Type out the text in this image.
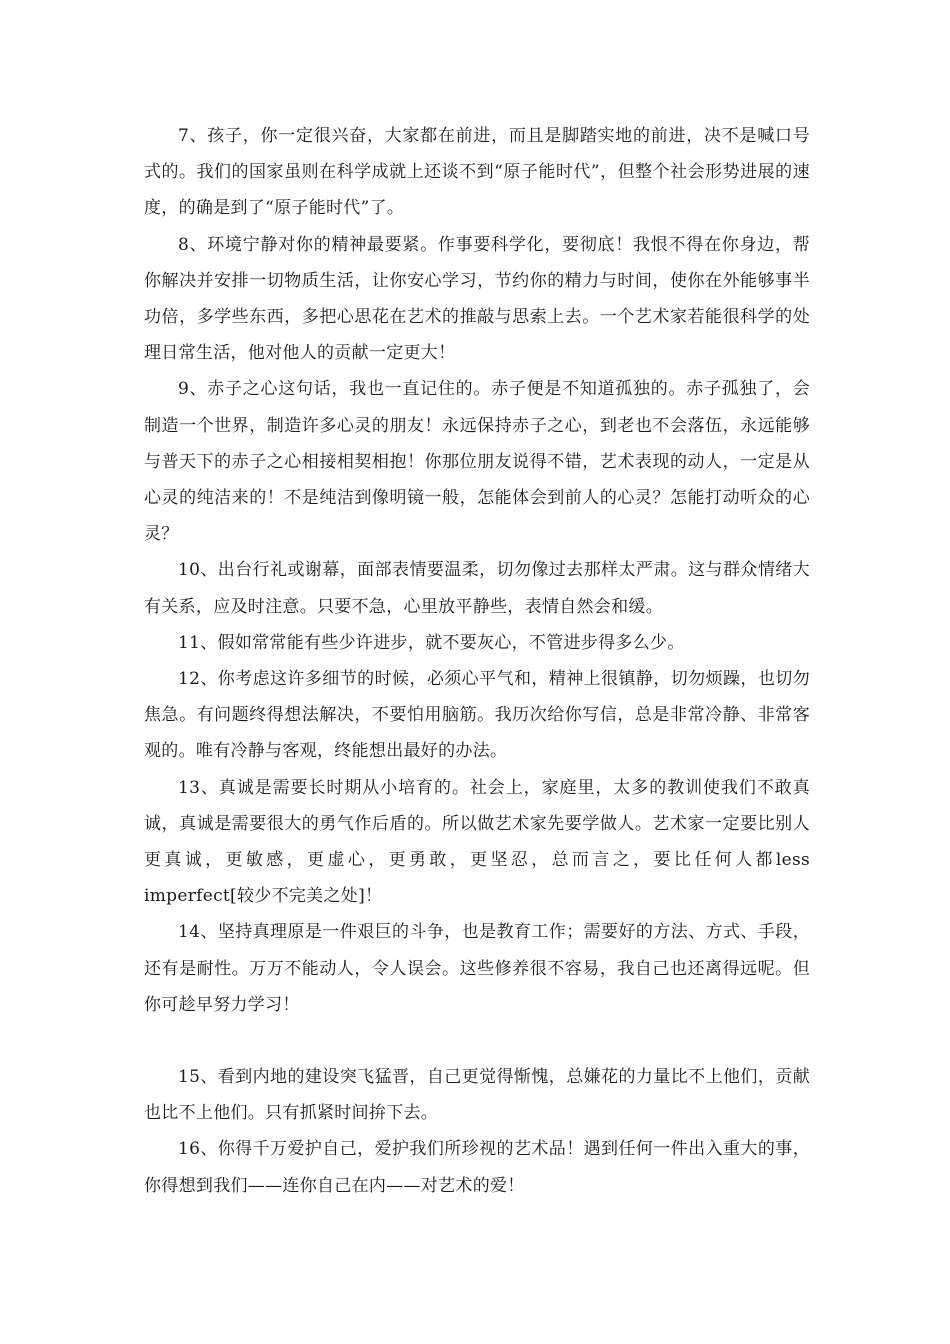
7、孩子，你一定很兴奋，大家都在前进，而且是脚踏实地的前进，决不是喊口号式的。我们的国家虽则在科学成就上还谈不到“原子能时代”，但整个社会形势进展的速度，的确是到了“原子能时代”了。

8、环境宁静对你的精神最要紧。作事要科学化，要彻底！我恨不得在你身边，帮你解决并安排一切物质生活，让你安心学习，节约你的精力与时间，使你在外能够事半功倍，多学些东西，多把心思花在艺术的推敲与思索上去。一个艺术家若能很科学的处理日常生活，他对他人的贡献一定更大！

9、赤子之心这句话，我也一直记住的。赤子便是不知道孤独的。赤子孤独了，会制造一个世界，制造许多心灵的朋友！永远保持赤子之心，到老也不会落伍，永远能够与普天下的赤子之心相接相契相抱！你那位朋友说得不错，艺术表现的动人，一定是从心灵的纯洁来的！不是纯洁到像明镜一般，怎能体会到前人的心灵？怎能打动听众的心灵？

10、出台行礼或谢幕，面部表情要温柔，切勿像过去那样太严肃。这与群众情绪大有关系，应及时注意。只要不急，心里放平静些，表情自然会和缓。

11、假如常常能有些少许进步，就不要灰心，不管进步得多么少。

12、你考虑这许多细节的时候，必须心平气和，精神上很镇静，切勿烦躁，也切勿焦急。有问题终得想法解决，不要怕用脑筋。我历次给你写信，总是非常冷静、非常客观的。唯有冷静与客观，终能想出最好的办法。

13、真诚是需要长时期从小培育的。社会上，家庭里，太多的教训使我们不敢真诚，真诚是需要很大的勇气作后盾的。所以做艺术家先要学做人。艺术家一定要比别人更真诚，更敏感，更虚心，更勇敢，更坚忍，总而言之，要比任何人都less imperfect[较少不完美之处]！

14、坚持真理原是一件艰巨的斗争，也是教育工作；需要好的方法、方式、手段，还有是耐性。万万不能动人，令人误会。这些修养很不容易，我自己也还离得远呢。但你可趁早努力学习！

15、看到内地的建设突飞猛晋，自己更觉得惭愧，总嫌花的力量比不上他们，贡献也比不上他们。只有抓紧时间拚下去。

16、你得千万爱护自己，爱护我们所珍视的艺术品！遇到任何一件出入重大的事，你得想到我们——连你自己在内——对艺术的爱！
